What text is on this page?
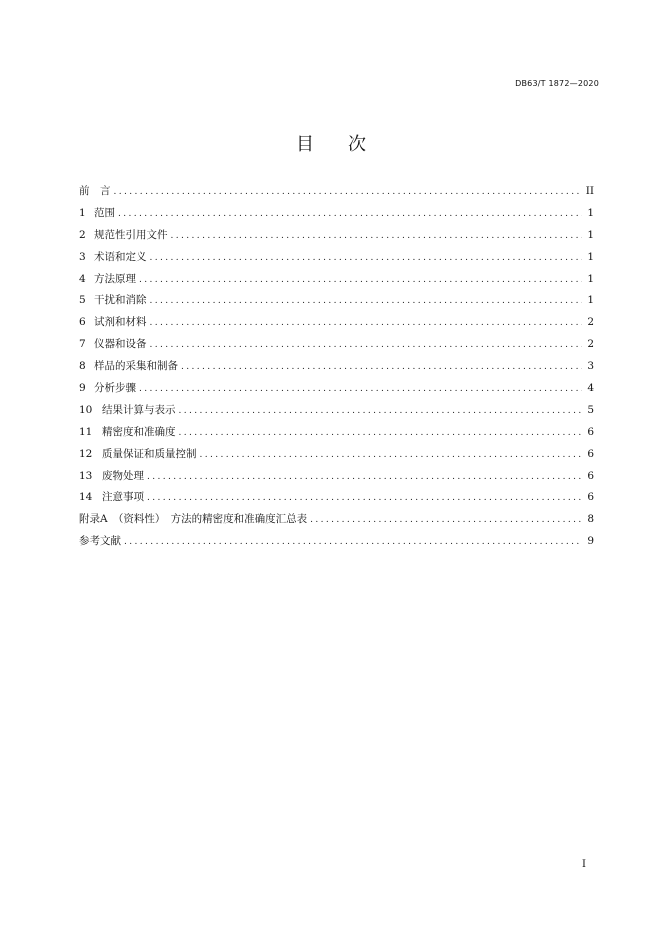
DB63/T 1872—2020
目次
前　言 .....	II
1 范围 .....	1
2 规范性引用文件 .....	1
3 术语和定义 .....	1
4 方法原理 .....	1
5 干扰和消除 .....	1
6 试剂和材料 .....	2
7 仪器和设备 .....	2
8 样品的采集和制备 .....	3
9 分析步骤 .....	4
10 结果计算与表示 .....	5
11 精密度和准确度 .....	6
12 质量保证和质量控制 .....	6
13 废物处理 .....	6
14 注意事项 .....	6
附录A　（资料性）　方法的精密度和准确度汇总表 .....	8
参考文献 .....	9
I
